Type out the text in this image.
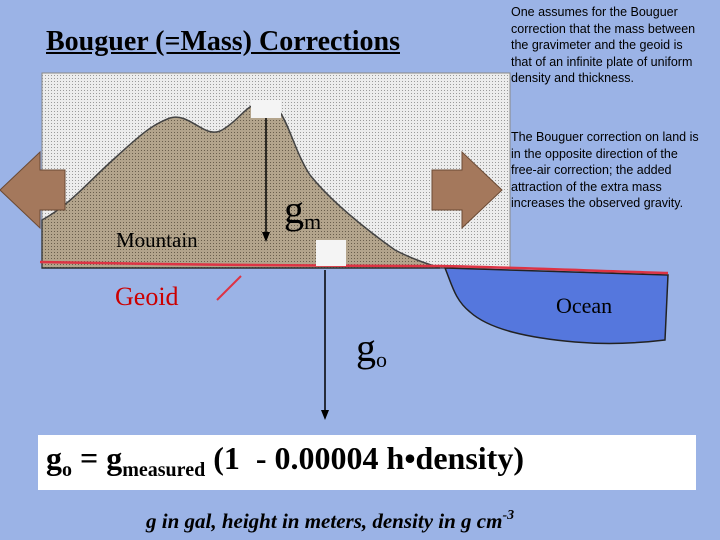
Bouguer (=Mass) Corrections
One assumes for the Bouguer correction that the mass between the gravimeter and the geoid is that of an infinite plate of uniform density and thickness.
The Bouguer correction on land is in the opposite direction of the free-air correction; the added attraction of the extra mass increases the observed gravity.
Mountain
Geoid	Ocean
$g_m$
$g_o$
$g_o = g_{measured}$ (1  - 0.00004 h•density)
g in gal, height in meters, density in g $cm^{-3}$
